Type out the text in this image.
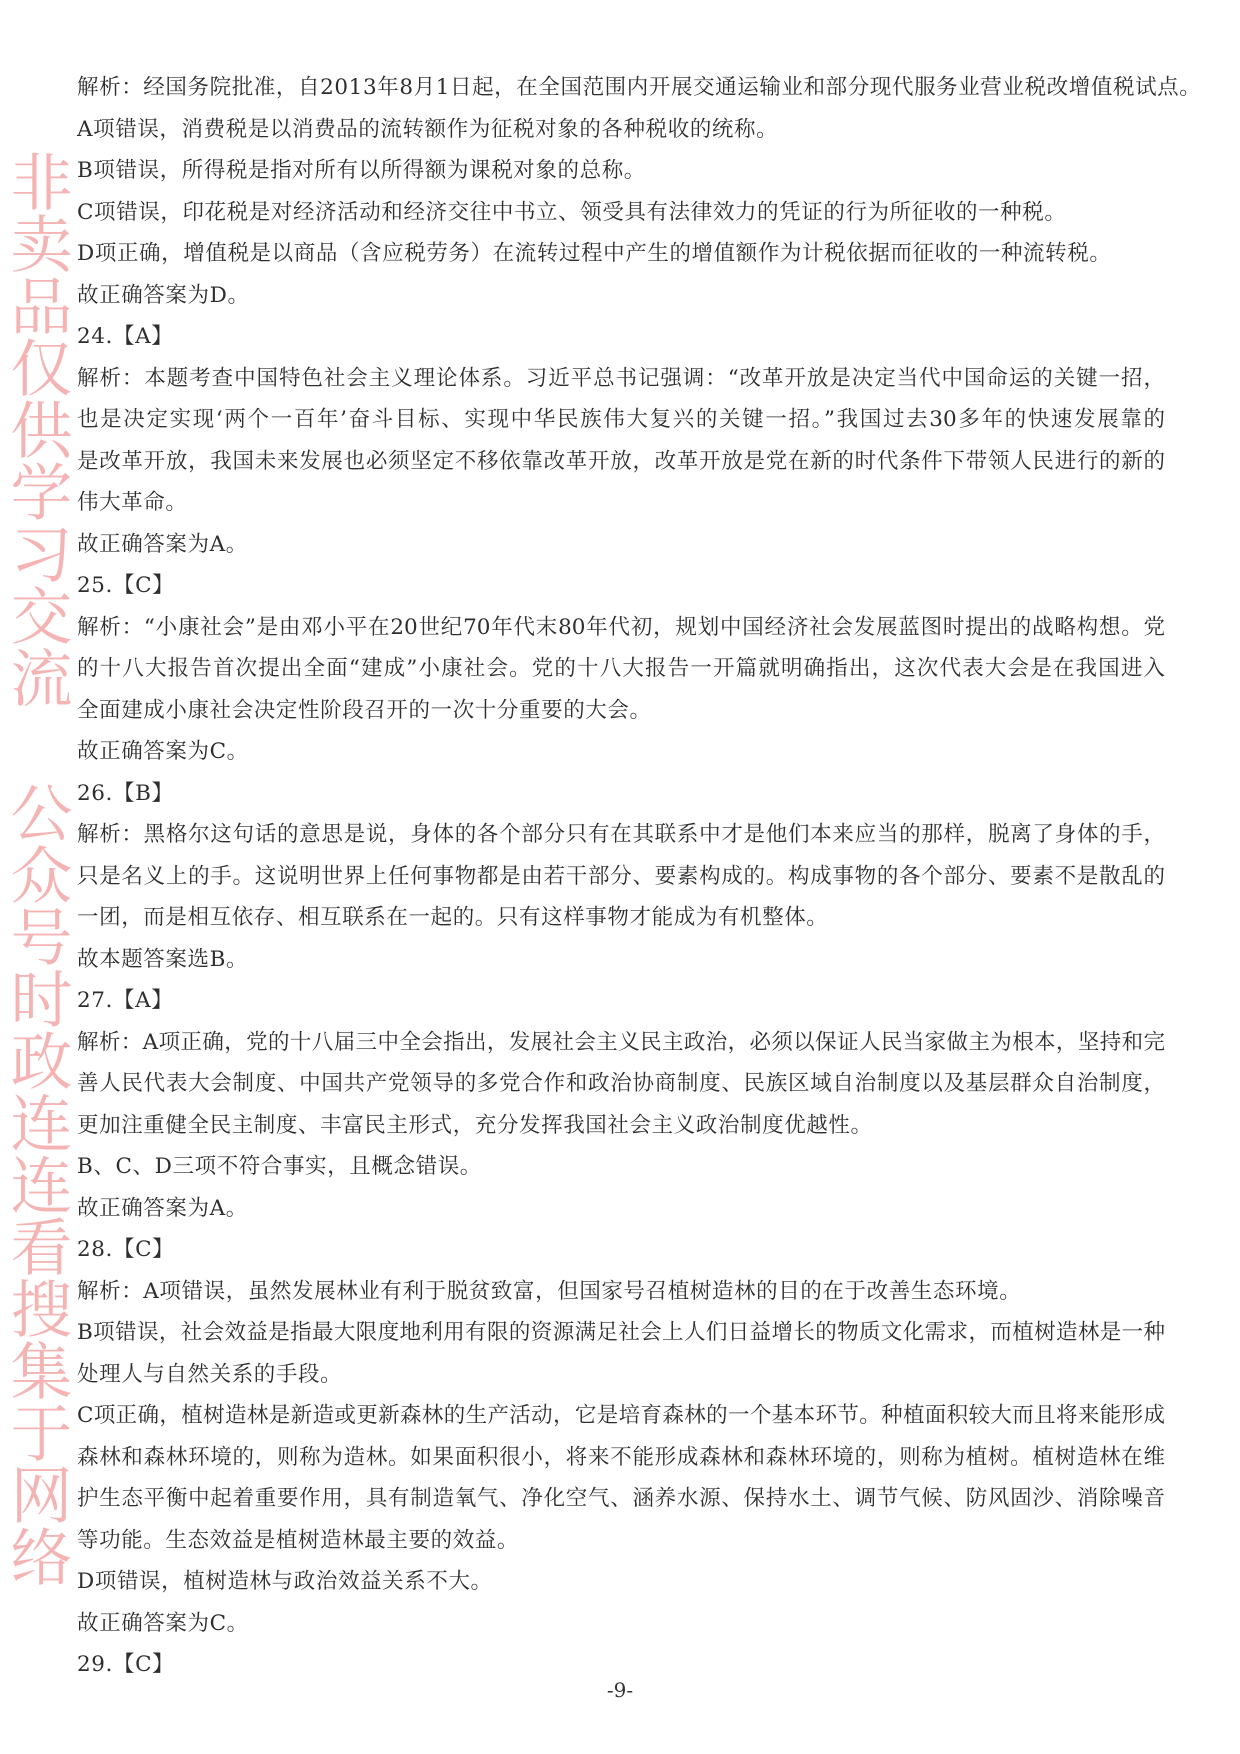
解析：经国务院批准，自2013年8月1日起，在全国范围内开展交通运输业和部分现代服务业营业税改增值税试点。
A项错误，消费税是以消费品的流转额作为征税对象的各种税收的统称。
B项错误，所得税是指对所有以所得额为课税对象的总称。
C项错误，印花税是对经济活动和经济交往中书立、领受具有法律效力的凭证的行为所征收的一种税。
D项正确，增值税是以商品（含应税劳务）在流转过程中产生的增值额作为计税依据而征收的一种流转税。
故正确答案为D。
24.【A】
解析：本题考查中国特色社会主义理论体系。习近平总书记强调：“改革开放是决定当代中国命运的关键一招，
也是决定实现‘两个一百年’奋斗目标、实现中华民族伟大复兴的关键一招。”我国过去30多年的快速发展靠的
是改革开放，我国未来发展也必须坚定不移依靠改革开放，改革开放是党在新的时代条件下带领人民进行的新的
伟大革命。
故正确答案为A。
25.【C】
解析：“小康社会”是由邓小平在20世纪70年代末80年代初，规划中国经济社会发展蓝图时提出的战略构想。党
的十八大报告首次提出全面“建成”小康社会。党的十八大报告一开篇就明确指出，这次代表大会是在我国进入
全面建成小康社会决定性阶段召开的一次十分重要的大会。
故正确答案为C。
26.【B】
解析：黑格尔这句话的意思是说，身体的各个部分只有在其联系中才是他们本来应当的那样，脱离了身体的手，
只是名义上的手。这说明世界上任何事物都是由若干部分、要素构成的。构成事物的各个部分、要素不是散乱的
一团，而是相互依存、相互联系在一起的。只有这样事物才能成为有机整体。
故本题答案选B。
27.【A】
解析：A项正确，党的十八届三中全会指出，发展社会主义民主政治，必须以保证人民当家做主为根本，坚持和完
善人民代表大会制度、中国共产党领导的多党合作和政治协商制度、民族区域自治制度以及基层群众自治制度，
更加注重健全民主制度、丰富民主形式，充分发挥我国社会主义政治制度优越性。
B、C、D三项不符合事实，且概念错误。
故正确答案为A。
28.【C】
解析：A项错误，虽然发展林业有利于脱贫致富，但国家号召植树造林的目的在于改善生态环境。
B项错误，社会效益是指最大限度地利用有限的资源满足社会上人们日益增长的物质文化需求，而植树造林是一种
处理人与自然关系的手段。
C项正确，植树造林是新造或更新森林的生产活动，它是培育森林的一个基本环节。种植面积较大而且将来能形成
森林和森林环境的，则称为造林。如果面积很小，将来不能形成森林和森林环境的，则称为植树。植树造林在维
护生态平衡中起着重要作用，具有制造氧气、净化空气、涵养水源、保持水土、调节气候、防风固沙、消除噪音
等功能。生态效益是植树造林最主要的效益。
D项错误，植树造林与政治效益关系不大。
故正确答案为C。
29.【C】
-9-
非卖品仅供学习交流 公众号时政连连看搜集于网络
